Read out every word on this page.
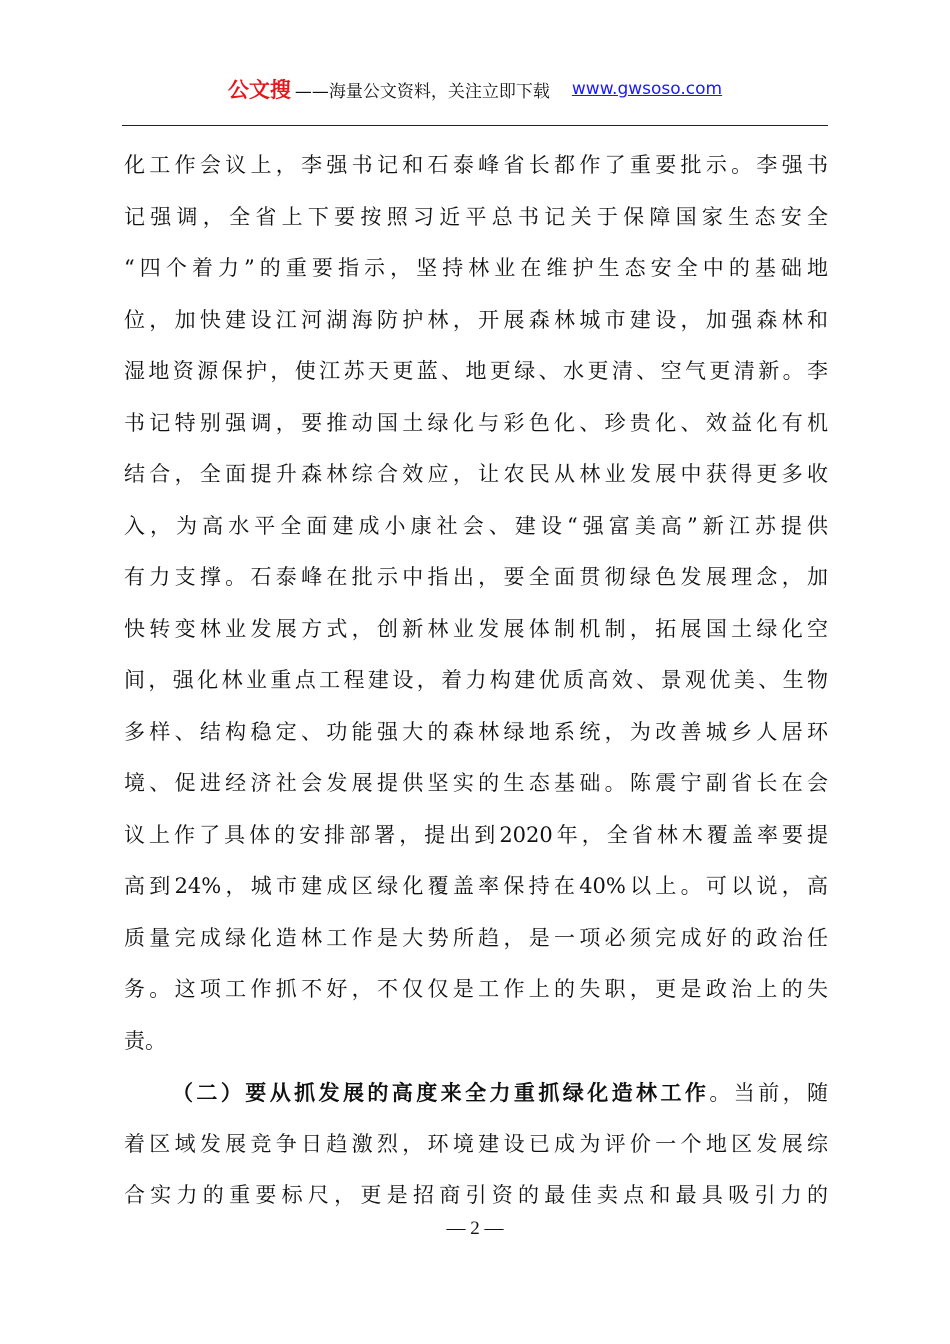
公文搜 ——海量公文资料，关注立即下载 www.gwsoso.com
化工作会议上，李强书记和石泰峰省长都作了重要批示。李强书
记强调，全省上下要按照习近平总书记关于保障国家生态安全
“四个着力”的重要指示，坚持林业在维护生态安全中的基础地
位，加快建设江河湖海防护林，开展森林城市建设，加强森林和
湿地资源保护，使江苏天更蓝、地更绿、水更清、空气更清新。李
书记特别强调，要推动国土绿化与彩色化、珍贵化、效益化有机
结合，全面提升森林综合效应，让农民从林业发展中获得更多收
入，为高水平全面建成小康社会、建设“强富美高”新江苏提供
有力支撑。石泰峰在批示中指出，要全面贯彻绿色发展理念，加
快转变林业发展方式，创新林业发展体制机制，拓展国土绿化空
间，强化林业重点工程建设，着力构建优质高效、景观优美、生物
多样、结构稳定、功能强大的森林绿地系统，为改善城乡人居环
境、促进经济社会发展提供坚实的生态基础。陈震宁副省长在会
议上作了具体的安排部署，提出到2020年，全省林木覆盖率要提
高到24%，城市建成区绿化覆盖率保持在40%以上。可以说，高
质量完成绿化造林工作是大势所趋，是一项必须完成好的政治任
务。这项工作抓不好，不仅仅是工作上的失职，更是政治上的失
责。
（二）要从抓发展的高度来全力重抓绿化造林工作。当前，随
着区域发展竞争日趋激烈，环境建设已成为评价一个地区发展综
合实力的重要标尺，更是招商引资的最佳卖点和最具吸引力的
— 2 —
